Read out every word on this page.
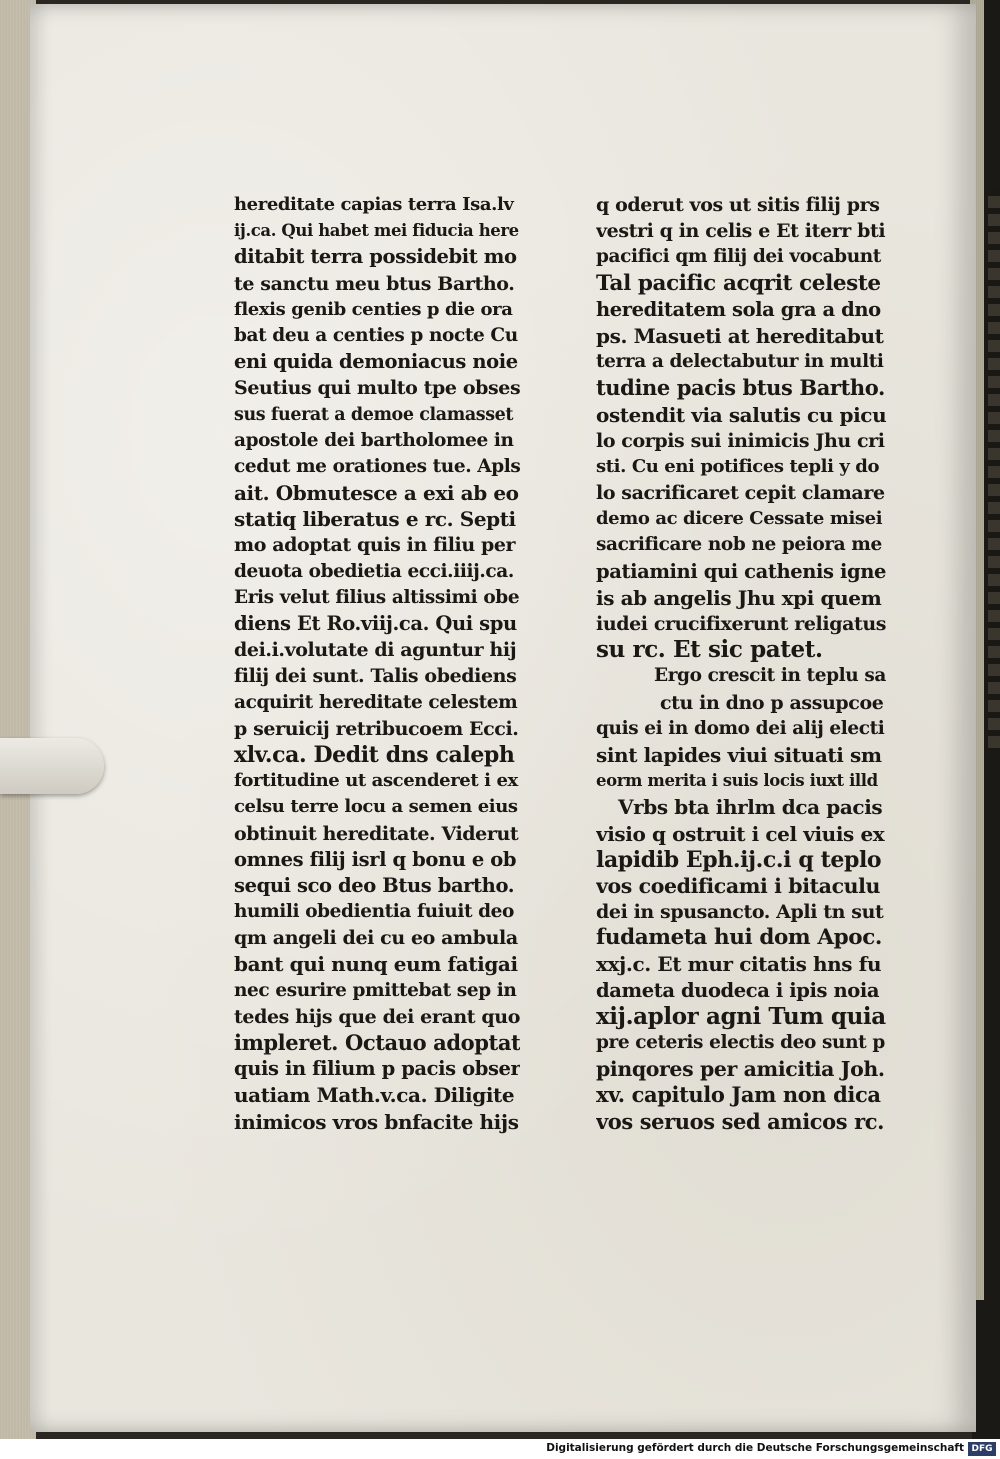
hereditate capias terra Isa.lv
ij.ca. Qui habet mei fiducia here
ditabit terra possidebit mo
te sanctu meu btus Bartho.
flexis genib centies p die ora
bat deu a centies p nocte Cu
eni quida demoniacus noie
Seutius qui multo tpe obses
sus fuerat a demoe clamasset
apostole dei bartholomee in
cedut me orationes tue. Apls
ait. Obmutesce a exi ab eo
statiq liberatus e rc. Septi
mo adoptat quis in filiu per
deuota obedietia ecci.iiij.ca.
Eris velut filius altissimi obe
diens Et Ro.viij.ca. Qui spu
dei.i.volutate di aguntur hij
filij dei sunt. Talis obediens
acquirit hereditate celestem
p seruicij retribucoem Ecci.
xlv.ca. Dedit dns caleph
fortitudine ut ascenderet i ex
celsu terre locu a semen eius
obtinuit hereditate. Viderut
omnes filij isrl q bonu e ob
sequi sco deo Btus bartho.
humili obedientia fuiuit deo
qm angeli dei cu eo ambula
bant qui nunq eum fatigai
nec esurire pmittebat sep in
tedes hijs que dei erant quo
impleret. Octauo adoptat
quis in filium p pacis obser
uatiam Math.v.ca. Diligite
inimicos vros bnfacite hijs
q oderut vos ut sitis filij prs
vestri q in celis e Et iterr bti
pacifici qm filij dei vocabunt
Tal pacific acqrit celeste
hereditatem sola gra a dno
ps. Masueti at hereditabut
terra a delectabutur in multi
tudine pacis btus Bartho.
ostendit via salutis cu picu
lo corpis sui inimicis Jhu cri
sti. Cu eni potifices tepli y do
lo sacrificaret cepit clamare
demo ac dicere Cessate misei
sacrificare nob ne peiora me
patiamini qui cathenis igne
is ab angelis Jhu xpi quem
iudei crucifixerunt religatus
su rc. Et sic patet.
Ergo crescit in teplu sa
ctu in dno p assupcoe
quis ei in domo dei alij electi
sint lapides viui situati sm
eorm merita i suis locis iuxt illd
Vrbs bta ihrlm dca pacis
visio q ostruit i cel viuis ex
lapidib Eph.ij.c.i q teplo
vos coedificami i bitaculu
dei in spusancto. Apli tn sut
fudameta hui dom Apoc.
xxj.c. Et mur citatis hns fu
dameta duodeca i ipis noia
xij.aplor agni Tum quia
pre ceteris electis deo sunt p
pinqores per amicitia Joh.
xv. capitulo Jam non dica
vos seruos sed amicos rc.
Digitalisierung gefördert durch die Deutsche Forschungsgemeinschaft DFG
